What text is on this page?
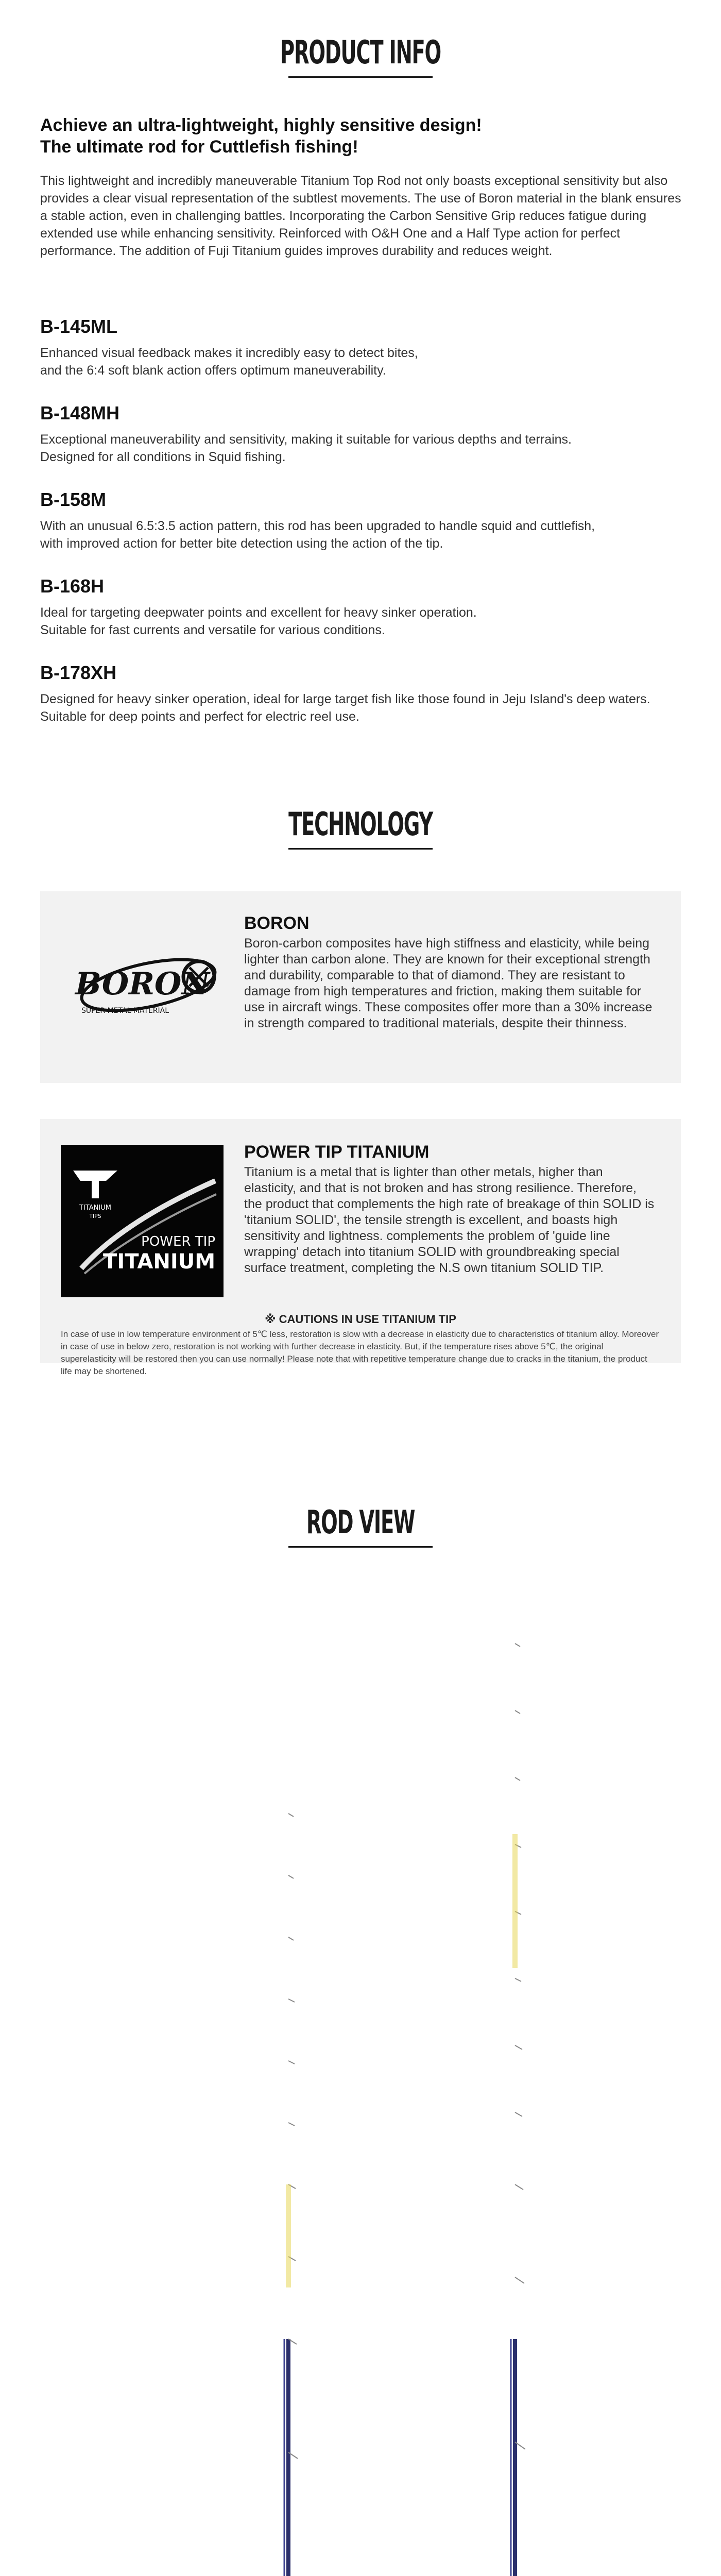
PRODUCT INFO
Achieve an ultra-lightweight, highly sensitive design!
The ultimate rod for Cuttlefish fishing!

This lightweight and incredibly maneuverable Titanium Top Rod not only boasts exceptional sensitivity but also provides a clear visual representation of the subtlest movements. The use of Boron material in the blank ensures a stable action, even in challenging battles. Incorporating the Carbon Sensitive Grip reduces fatigue during extended use while enhancing sensitivity. Reinforced with O&H One and a Half Type action for perfect performance. The addition of Fuji Titanium guides improves durability and reduces weight.

B-145ML

Enhanced visual feedback makes it incredibly easy to detect bites,
and the 6:4 soft blank action offers optimum maneuverability.

B-148MH

Exceptional maneuverability and sensitivity, making it suitable for various depths and terrains.
Designed for all conditions in Squid fishing.

B-158M

With an unusual 6.5:3.5 action pattern, this rod has been upgraded to handle squid and cuttlefish,
with improved action for better bite detection using the action of the tip.

B-168H

Ideal for targeting deepwater points and excellent for heavy sinker operation.
Suitable for fast currents and versatile for various conditions.

B-178XH

Designed for heavy sinker operation, ideal for large target fish like those found in Jeju Island's deep waters. Suitable for deep points and perfect for electric reel use.

TECHNOLOGY
BORON
SUPER METAL MATERIAL
BORON

Boron-carbon composites have high stiffness and elasticity, while being lighter than carbon alone. They are known for their exceptional strength and durability, comparable to that of diamond. They are resistant to damage from high temperatures and friction, making them suitable for use in aircraft wings. These composites offer more than a 30% increase in strength compared to traditional materials, despite their thinness.

TITANIUM
TIPS
POWER TIP
TITANIUM
POWER TIP TITANIUM

Titanium is a metal that is lighter than other metals, higher than elasticity, and that is not broken and has strong resilience. Therefore, the product that complements the high rate of breakage of thin SOLID is 'titanium SOLID', the tensile strength is excellent, and boasts high sensitivity and lightness. complements the problem of 'guide line wrapping' detach into titanium SOLID with groundbreaking special surface treatment, completing the N.S own titanium SOLID TIP.

※ CAUTIONS IN USE TITANIUM TIP
In case of use in low temperature environment of 5℃ less, restoration is slow with a decrease in elasticity due to characteristics of titanium alloy. Moreover in case of use in below zero, restoration is not working with further decrease in elasticity. But, if the temperature rises above 5℃, the original superelasticity will be restored then you can use normally! Please note that with repetitive temperature change due to cracks in the titanium, the product life may be shortened.
ROD VIEW
